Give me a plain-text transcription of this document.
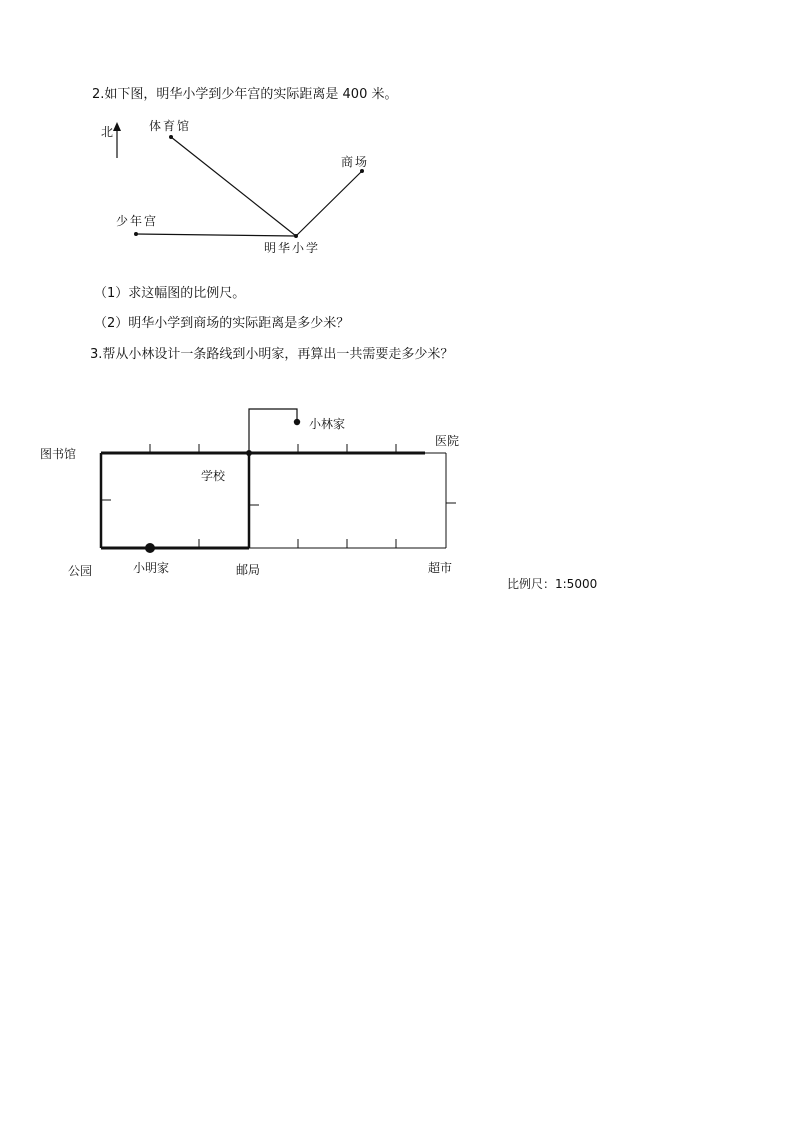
2.如下图，明华小学到少年宫的实际距离是 400 米。
北	体育馆
商场
少年宫
明华小学
（1）求这幅图的比例尺。
（2）明华小学到商场的实际距离是多少米？
3.帮从小林设计一条路线到小明家，再算出一共需要走多少米？
小林家
图书馆
医院
学校
公园	小明家	邮局	超市
比例尺：1:5000
